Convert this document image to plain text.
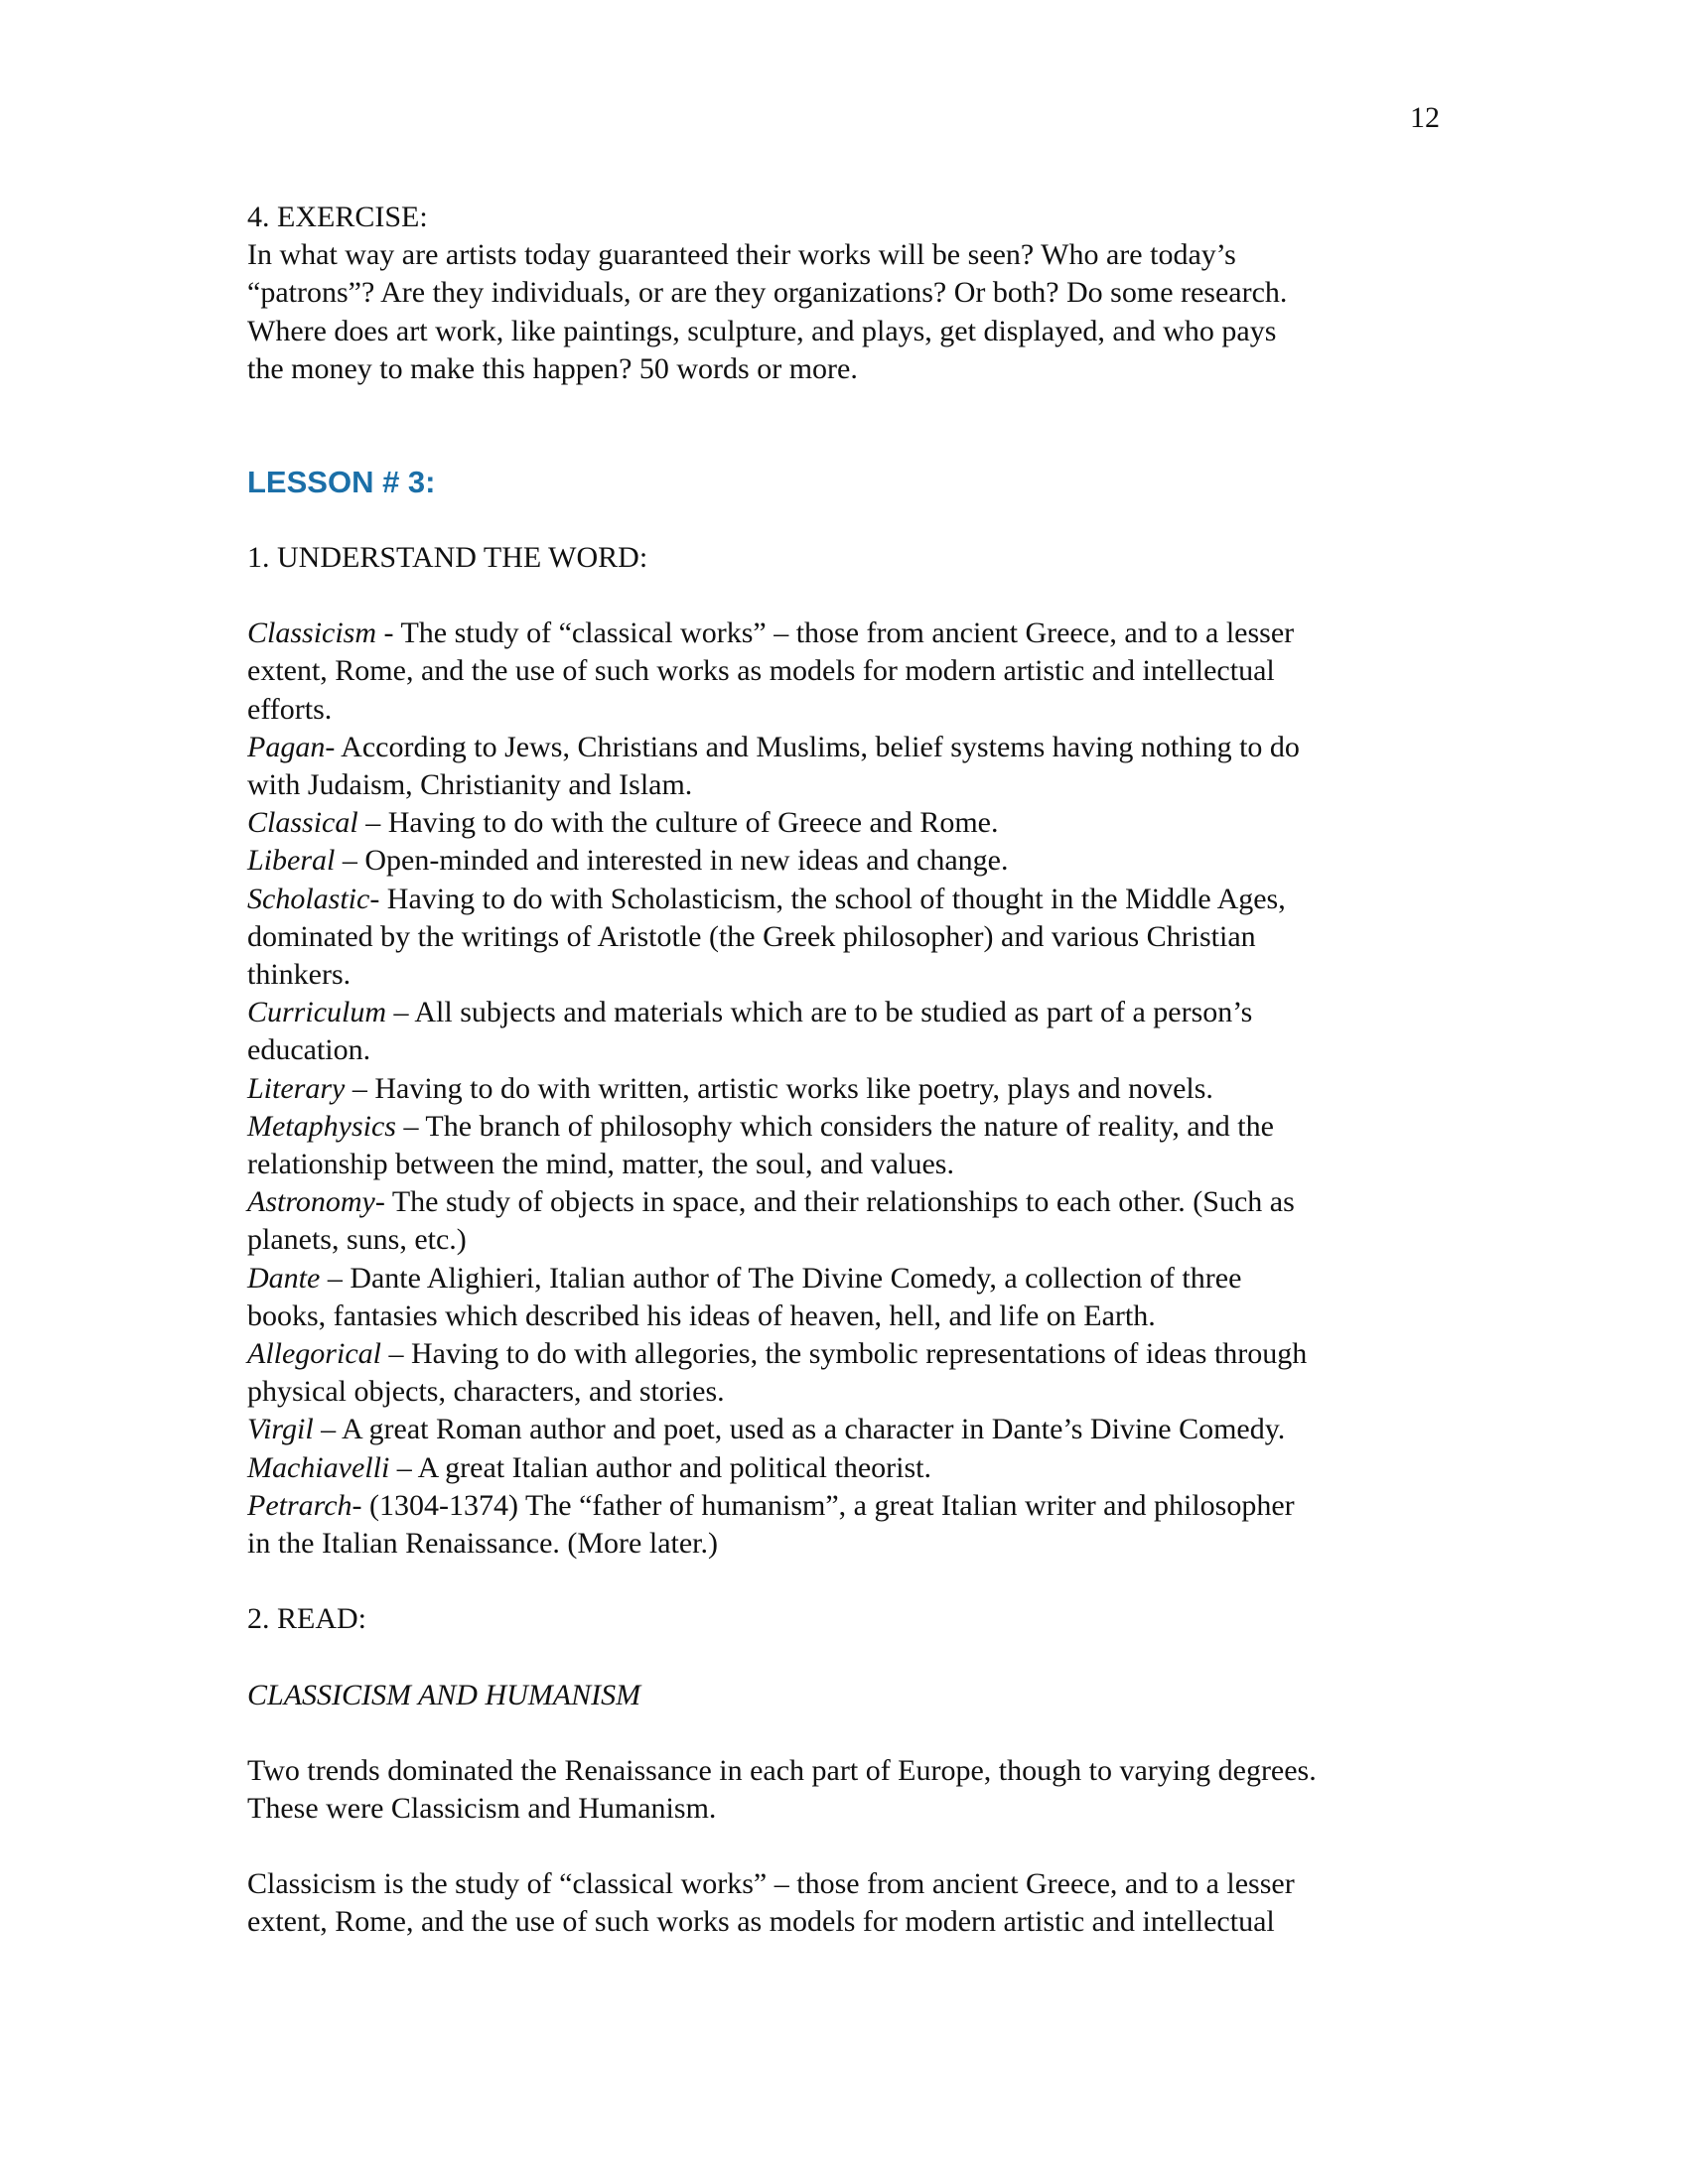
12

4. EXERCISE:

In what way are artists today guaranteed their works will be seen? Who are today’s

“patrons”? Are they individuals, or are they organizations? Or both? Do some research.

Where does art work, like paintings, sculpture, and plays, get displayed, and who pays

the money to make this happen? 50 words or more.

LESSON # 3:

1. UNDERSTAND THE WORD:

Classicism - The study of “classical works” – those from ancient Greece, and to a lesser

extent, Rome, and the use of such works as models for modern artistic and intellectual

efforts.

Pagan- According to Jews, Christians and Muslims, belief systems having nothing to do

with Judaism, Christianity and Islam.

Classical – Having to do with the culture of Greece and Rome.

Liberal – Open-minded and interested in new ideas and change.

Scholastic- Having to do with Scholasticism, the school of thought in the Middle Ages,

dominated by the writings of Aristotle (the Greek philosopher) and various Christian

thinkers.

Curriculum – All subjects and materials which are to be studied as part of a person’s

education.

Literary – Having to do with written, artistic works like poetry, plays and novels.

Metaphysics – The branch of philosophy which considers the nature of reality, and the

relationship between the mind, matter, the soul, and values.

Astronomy- The study of objects in space, and their relationships to each other. (Such as

planets, suns, etc.)

Dante – Dante Alighieri, Italian author of The Divine Comedy, a collection of three

books, fantasies which described his ideas of heaven, hell, and life on Earth.

Allegorical – Having to do with allegories, the symbolic representations of ideas through

physical objects, characters, and stories.

Virgil – A great Roman author and poet, used as a character in Dante’s Divine Comedy.

Machiavelli – A great Italian author and political theorist.

Petrarch- (1304-1374) The “father of humanism”, a great Italian writer and philosopher

in the Italian Renaissance. (More later.)

2. READ:

CLASSICISM AND HUMANISM

Two trends dominated the Renaissance in each part of Europe, though to varying degrees.

These were Classicism and Humanism.

Classicism is the study of “classical works” – those from ancient Greece, and to a lesser

extent, Rome, and the use of such works as models for modern artistic and intellectual
